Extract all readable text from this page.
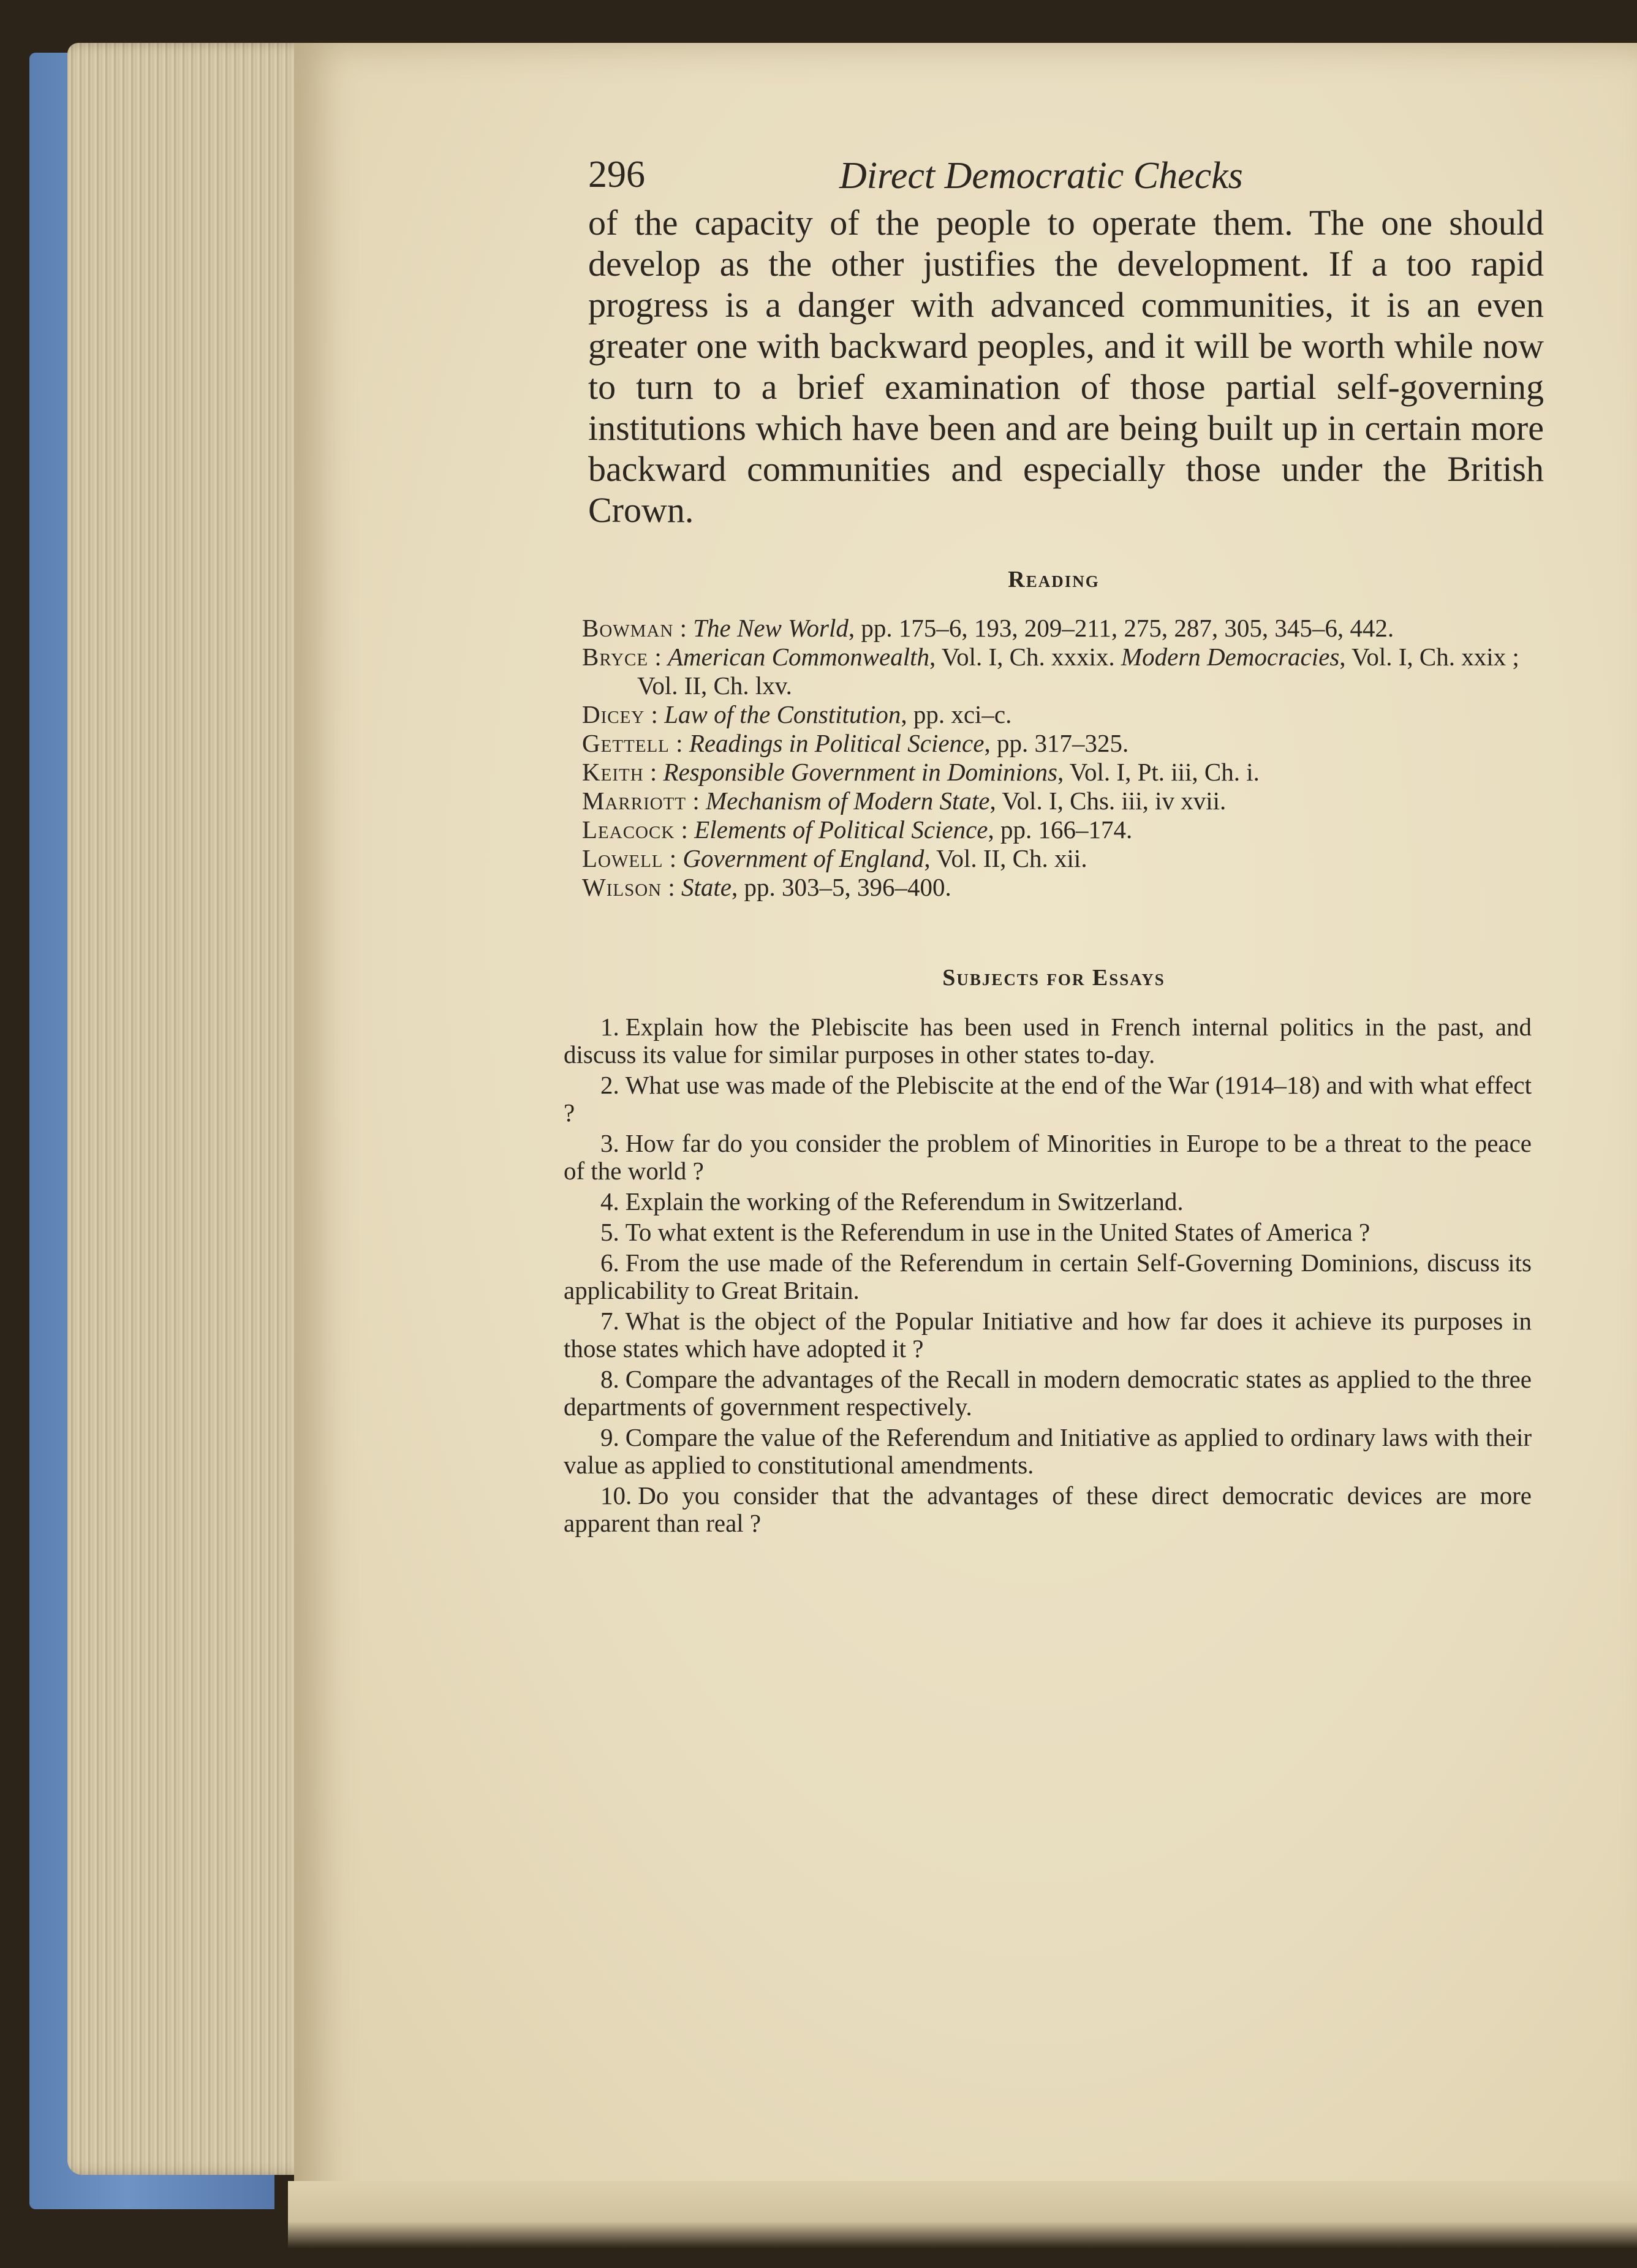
296	Direct Democratic Checks

of the capacity of the people to operate them. The one should develop as the other justifies the development. If a too rapid progress is a danger with advanced communities, it is an even greater one with backward peoples, and it will be worth while now to turn to a brief examination of those partial self-governing institutions which have been and are being built up in certain more backward communities and especially those under the British Crown.

Reading
Bowman : The New World, pp. 175–6, 193, 209–211, 275, 287, 305, 345–6, 442.
Bryce : American Commonwealth, Vol. I, Ch. xxxix. Modern Democracies, Vol. I, Ch. xxix ; Vol. II, Ch. lxv.
Dicey : Law of the Constitution, pp. xci–c.
Gettell : Readings in Political Science, pp. 317–325.
Keith : Responsible Government in Dominions, Vol. I, Pt. iii, Ch. i.
Marriott : Mechanism of Modern State, Vol. I, Chs. iii, iv xvii.
Leacock : Elements of Political Science, pp. 166–174.
Lowell : Government of England, Vol. II, Ch. xii.
Wilson : State, pp. 303–5, 396–400.
Subjects for Essays
1. Explain how the Plebiscite has been used in French internal politics in the past, and discuss its value for similar purposes in other states to-day.
2. What use was made of the Plebiscite at the end of the War (1914–18) and with what effect ?
3. How far do you consider the problem of Minorities in Europe to be a threat to the peace of the world ?
4. Explain the working of the Referendum in Switzerland.
5. To what extent is the Referendum in use in the United States of America ?
6. From the use made of the Referendum in certain Self-Governing Dominions, discuss its applicability to Great Britain.
7. What is the object of the Popular Initiative and how far does it achieve its purposes in those states which have adopted it ?
8. Compare the advantages of the Recall in modern democratic states as applied to the three departments of government respectively.
9. Compare the value of the Referendum and Initiative as applied to ordinary laws with their value as applied to constitutional amendments.
10. Do you consider that the advantages of these direct democratic devices are more apparent than real ?
